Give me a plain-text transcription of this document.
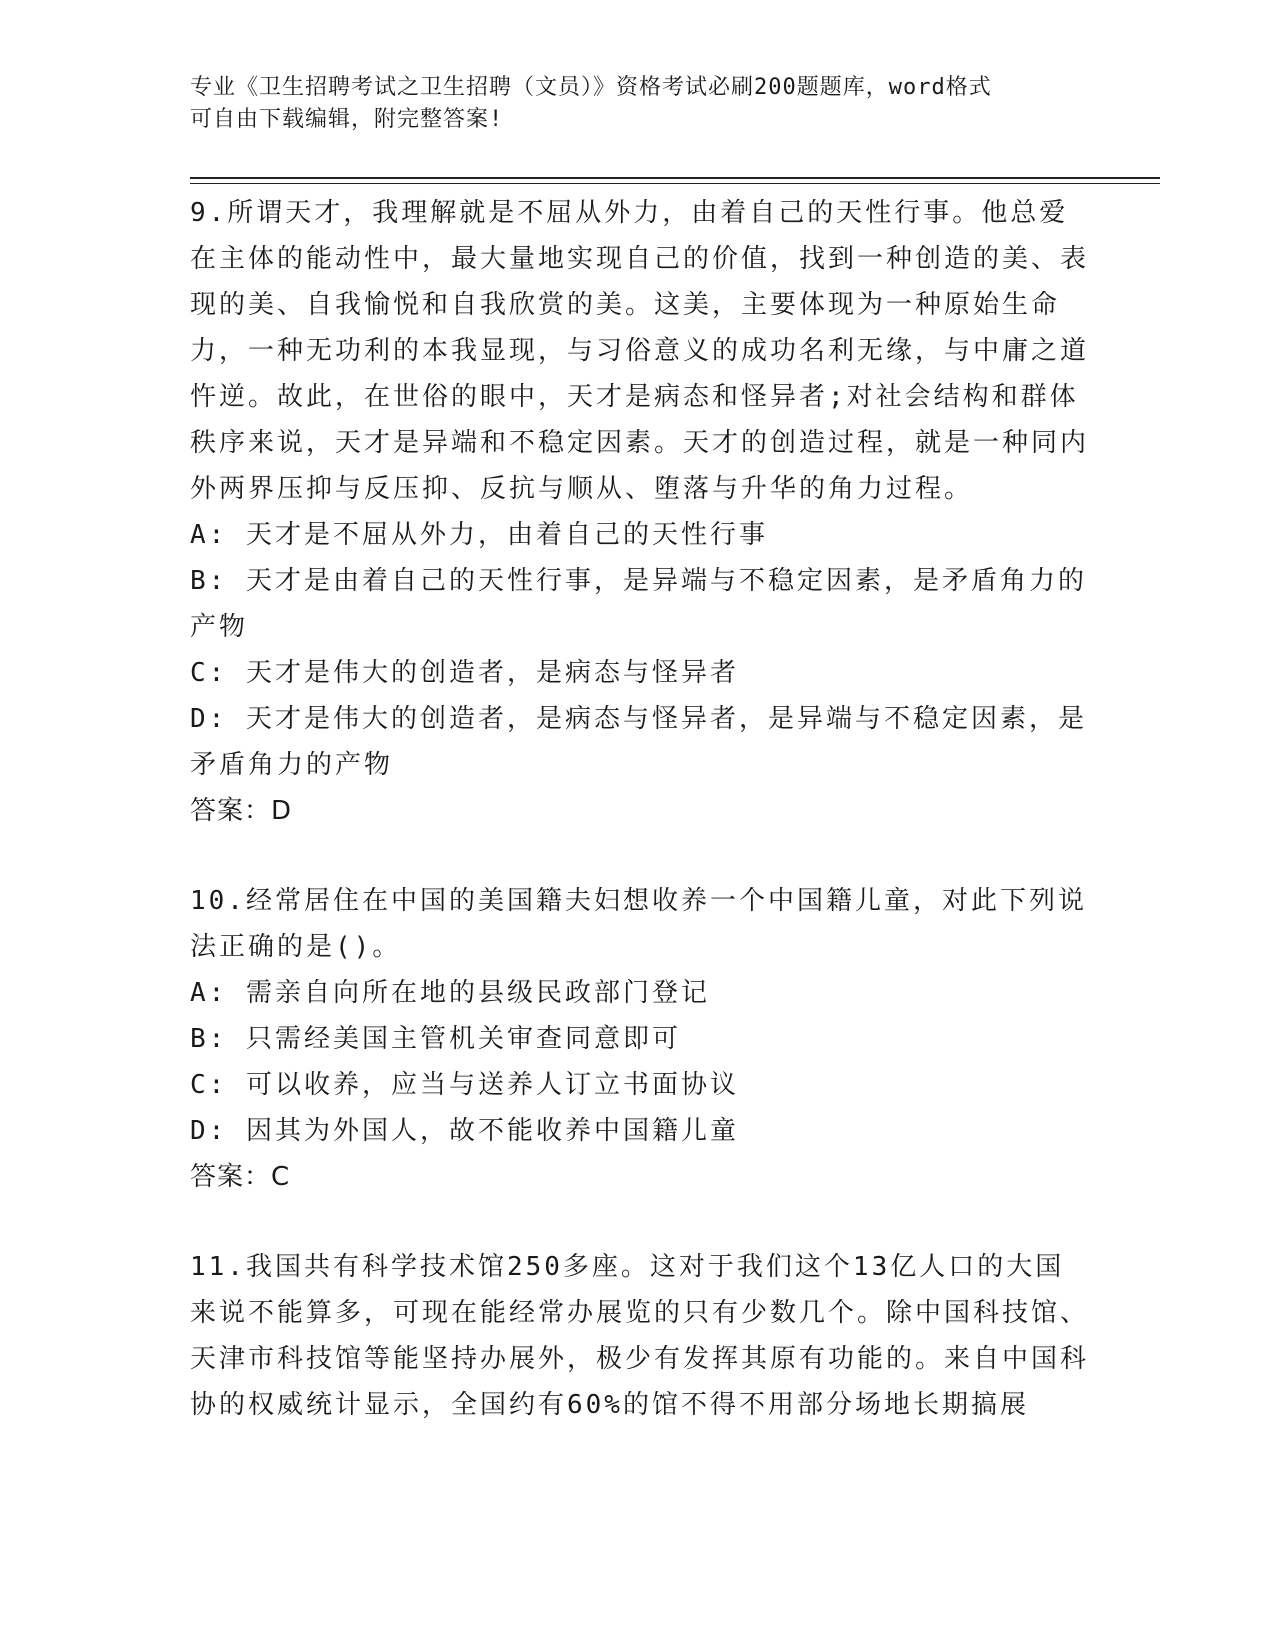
专业《卫生招聘考试之卫生招聘（文员）》资格考试必刷200题题库，word格式
可自由下载编辑，附完整答案!

9.所谓天才，我理解就是不屈从外力，由着自己的天性行事。他总爱在主体的能动性中，最大量地实现自己的价值，找到一种创造的美、表现的美、自我愉悦和自我欣赏的美。这美，主要体现为一种原始生命力，一种无功利的本我显现，与习俗意义的成功名利无缘，与中庸之道忤逆。故此，在世俗的眼中，天才是病态和怪异者;对社会结构和群体秩序来说，天才是异端和不稳定因素。天才的创造过程，就是一种同内外两界压抑与反压抑、反抗与顺从、堕落与升华的角力过程。

A: 天才是不屈从外力，由着自己的天性行事

B: 天才是由着自己的天性行事，是异端与不稳定因素，是矛盾角力的产物

C: 天才是伟大的创造者，是病态与怪异者

D: 天才是伟大的创造者，是病态与怪异者，是异端与不稳定因素，是矛盾角力的产物

答案：D

10.经常居住在中国的美国籍夫妇想收养一个中国籍儿童，对此下列说法正确的是()。

A: 需亲自向所在地的县级民政部门登记

B: 只需经美国主管机关审查同意即可

C: 可以收养，应当与送养人订立书面协议

D: 因其为外国人，故不能收养中国籍儿童

答案：C

11.我国共有科学技术馆250多座。这对于我们这个13亿人口的大国来说不能算多，可现在能经常办展览的只有少数几个。除中国科技馆、天津市科技馆等能坚持办展外，极少有发挥其原有功能的。来自中国科协的权威统计显示，全国约有60%的馆不得不用部分场地长期搞展
